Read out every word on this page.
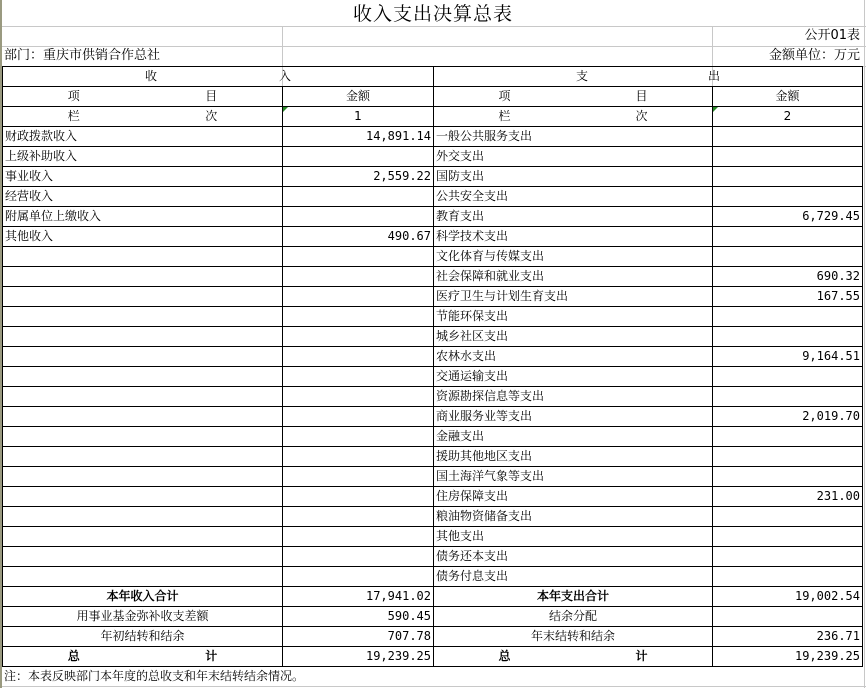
收入支出决算总表
公开01表
部门：重庆市供销合作总社	金额单位：万元
收 入		支 出	

项 目	金额	项 目	金额

栏 次	1	栏 次	2
财政拨款收入	14,891.14	一般公共服务支出	
上级补助收入		外交支出	
事业收入	2,559.22	国防支出	
经营收入		公共安全支出	
附属单位上缴收入		教育支出	6,729.45
其他收入	490.67	科学技术支出	
		文化体育与传媒支出	
		社会保障和就业支出	690.32
		医疗卫生与计划生育支出	167.55
		节能环保支出	
		城乡社区支出	
		农林水支出	9,164.51
		交通运输支出	
		资源勘探信息等支出	
		商业服务业等支出	2,019.70
		金融支出	
		援助其他地区支出	
		国土海洋气象等支出	
		住房保障支出	231.00
		粮油物资储备支出	
		其他支出	
		债务还本支出	
		债务付息支出	
本年收入合计	17,941.02	本年支出合计	19,002.54
用事业基金弥补收支差额	590.45	结余分配	
年初结转和结余	707.78	年末结转和结余	236.71

总 计	19,239.25	总 计	19,239.25
注：本表反映部门本年度的总收支和年末结转结余情况。
